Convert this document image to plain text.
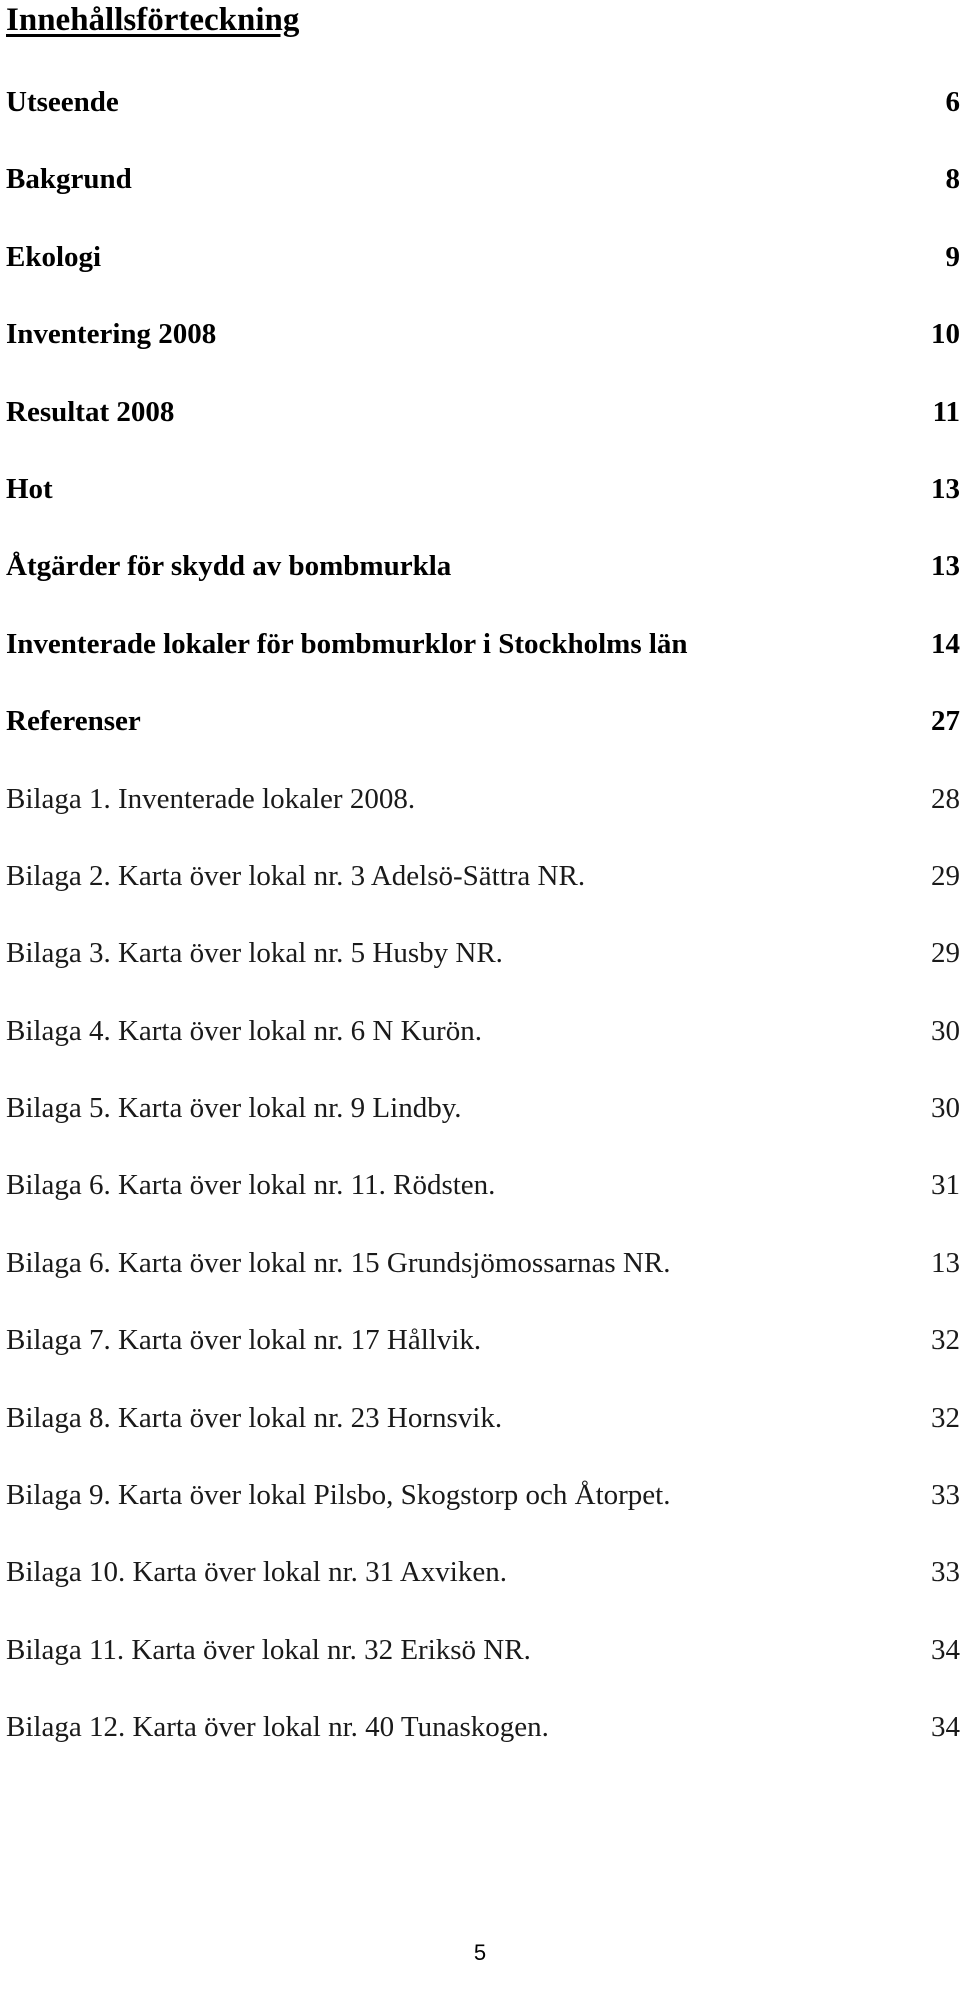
Innehållsförteckning
Utseende	6
Bakgrund	8
Ekologi	9
Inventering 2008	10
Resultat 2008	11
Hot	13
Åtgärder för skydd av bombmurkla	13
Inventerade lokaler för bombmurklor i Stockholms län	14
Referenser	27
Bilaga 1. Inventerade lokaler 2008.	28
Bilaga 2. Karta över lokal nr. 3 Adelsö-Sättra NR.	29
Bilaga 3. Karta över lokal nr. 5 Husby NR.	29
Bilaga 4. Karta över lokal nr. 6 N Kurön.	30
Bilaga 5. Karta över lokal nr. 9 Lindby.	30
Bilaga 6. Karta över lokal nr. 11. Rödsten.	31
Bilaga 6. Karta över lokal nr. 15 Grundsjömossarnas NR.	13
Bilaga 7. Karta över lokal nr. 17 Hållvik.	32
Bilaga 8. Karta över lokal nr. 23 Hornsvik.	32
Bilaga 9. Karta över lokal Pilsbo, Skogstorp och Åtorpet.	33
Bilaga 10. Karta över lokal nr. 31 Axviken.	33
Bilaga 11. Karta över lokal nr. 32 Eriksö NR.	34
Bilaga 12. Karta över lokal nr. 40 Tunaskogen.	34
5
